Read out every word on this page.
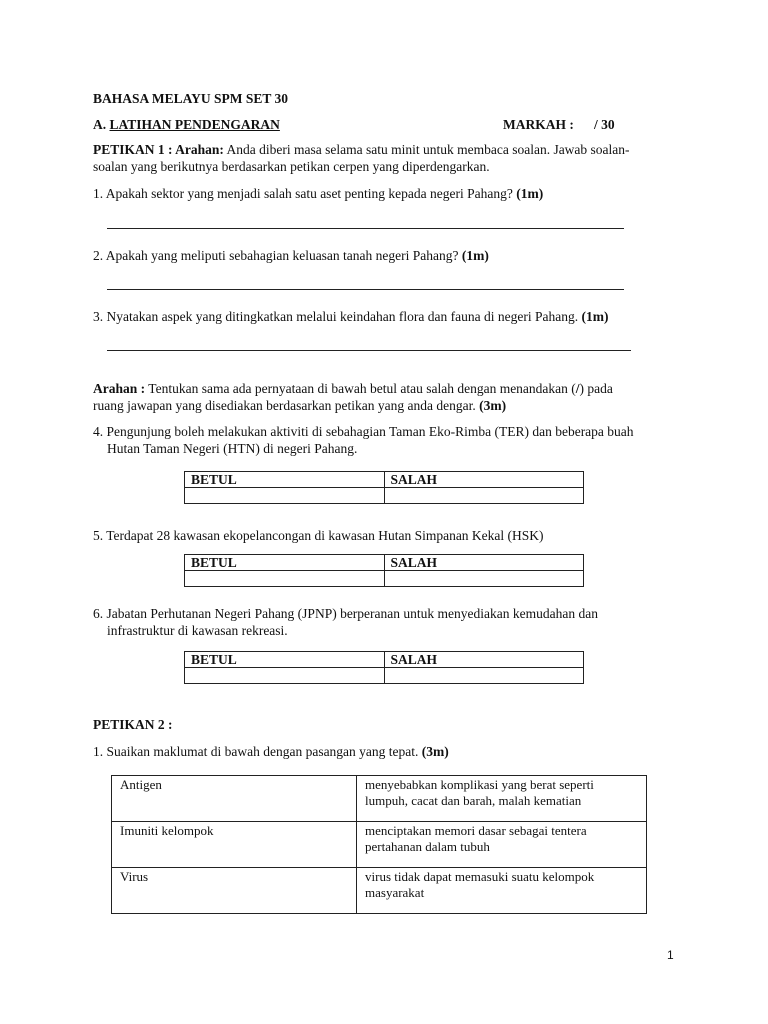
BAHASA MELAYU SPM SET 30
A. LATIHAN PENDENGARAN	MARKAH : / 30
PETIKAN 1 : Arahan: Anda diberi masa selama satu minit untuk membaca soalan. Jawab soalan-
soalan yang berikutnya berdasarkan petikan cerpen yang diperdengarkan.
1. Apakah sektor yang menjadi salah satu aset penting kepada negeri Pahang? (1m)
2. Apakah yang meliputi sebahagian keluasan tanah negeri Pahang? (1m)
3. Nyatakan aspek yang ditingkatkan melalui keindahan flora dan fauna di negeri Pahang. (1m)
Arahan : Tentukan sama ada pernyataan di bawah betul atau salah dengan menandakan (/) pada
ruang jawapan yang disediakan berdasarkan petikan yang anda dengar. (3m)
4. Pengunjung boleh melakukan aktiviti di sebahagian Taman Eko-Rimba (TER) dan beberapa buah
Hutan Taman Negeri (HTN) di negeri Pahang.
BETUL	SALAH

5. Terdapat 28 kawasan ekopelancongan di kawasan Hutan Simpanan Kekal (HSK)
BETUL	SALAH

6. Jabatan Perhutanan Negeri Pahang (JPNP) berperanan untuk menyediakan kemudahan dan
infrastruktur di kawasan rekreasi.
BETUL	SALAH

PETIKAN 2 :
1. Suaikan maklumat di bawah dengan pasangan yang tepat. (3m)
Antigen	menyebabkan komplikasi yang berat seperti
lumpuh, cacat dan barah, malah kematian

Imuniti kelompok	menciptakan memori dasar sebagai tentera
pertahanan dalam tubuh

Virus	virus tidak dapat memasuki suatu kelompok
masyarakat
1
